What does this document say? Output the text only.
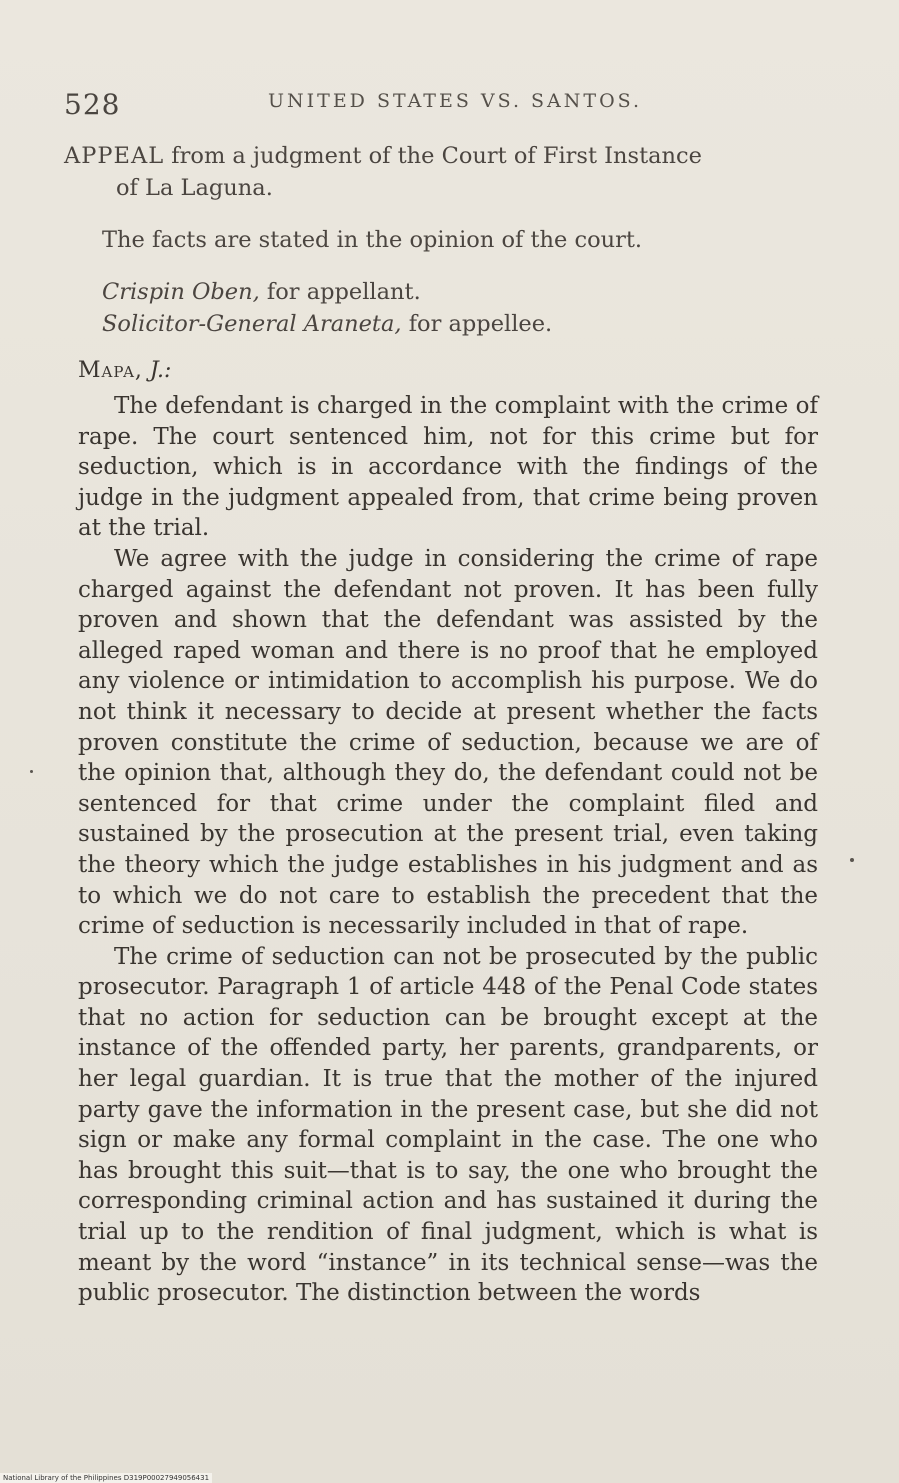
528	UNITED STATES VS. SANTOS.

APPEAL from a judgment of the Court of First Instance
of La Laguna.

The facts are stated in the opinion of the court.

Crispin Oben, for appellant.

Solicitor-General Araneta, for appellee.

Mapa, J.:

The defendant is charged in the complaint with the crime of rape. The court sentenced him, not for this crime but for seduction, which is in accordance with the findings of the judge in the judgment appealed from, that crime being proven at the trial.

We agree with the judge in considering the crime of rape charged against the defendant not proven. It has been fully proven and shown that the defendant was assisted by the alleged raped woman and there is no proof that he employed any violence or intimidation to accomplish his purpose. We do not think it necessary to decide at present whether the facts proven constitute the crime of seduction, because we are of the opinion that, although they do, the defendant could not be sentenced for that crime under the complaint filed and sustained by the prosecution at the present trial, even taking the theory which the judge establishes in his judgment and as to which we do not care to establish the precedent that the crime of seduction is necessarily included in that of rape.

The crime of seduction can not be prosecuted by the public prosecutor. Paragraph 1 of article 448 of the Penal Code states that no action for seduction can be brought except at the instance of the offended party, her parents, grandparents, or her legal guardian. It is true that the mother of the injured party gave the information in the present case, but she did not sign or make any formal complaint in the case. The one who has brought this suit—that is to say, the one who brought the corresponding criminal action and has sustained it during the trial up to the rendition of final judgment, which is what is meant by the word “instance” in its technical sense—was the public prosecutor. The distinction between the words

National Library of the Philippines D319P00027949056431
